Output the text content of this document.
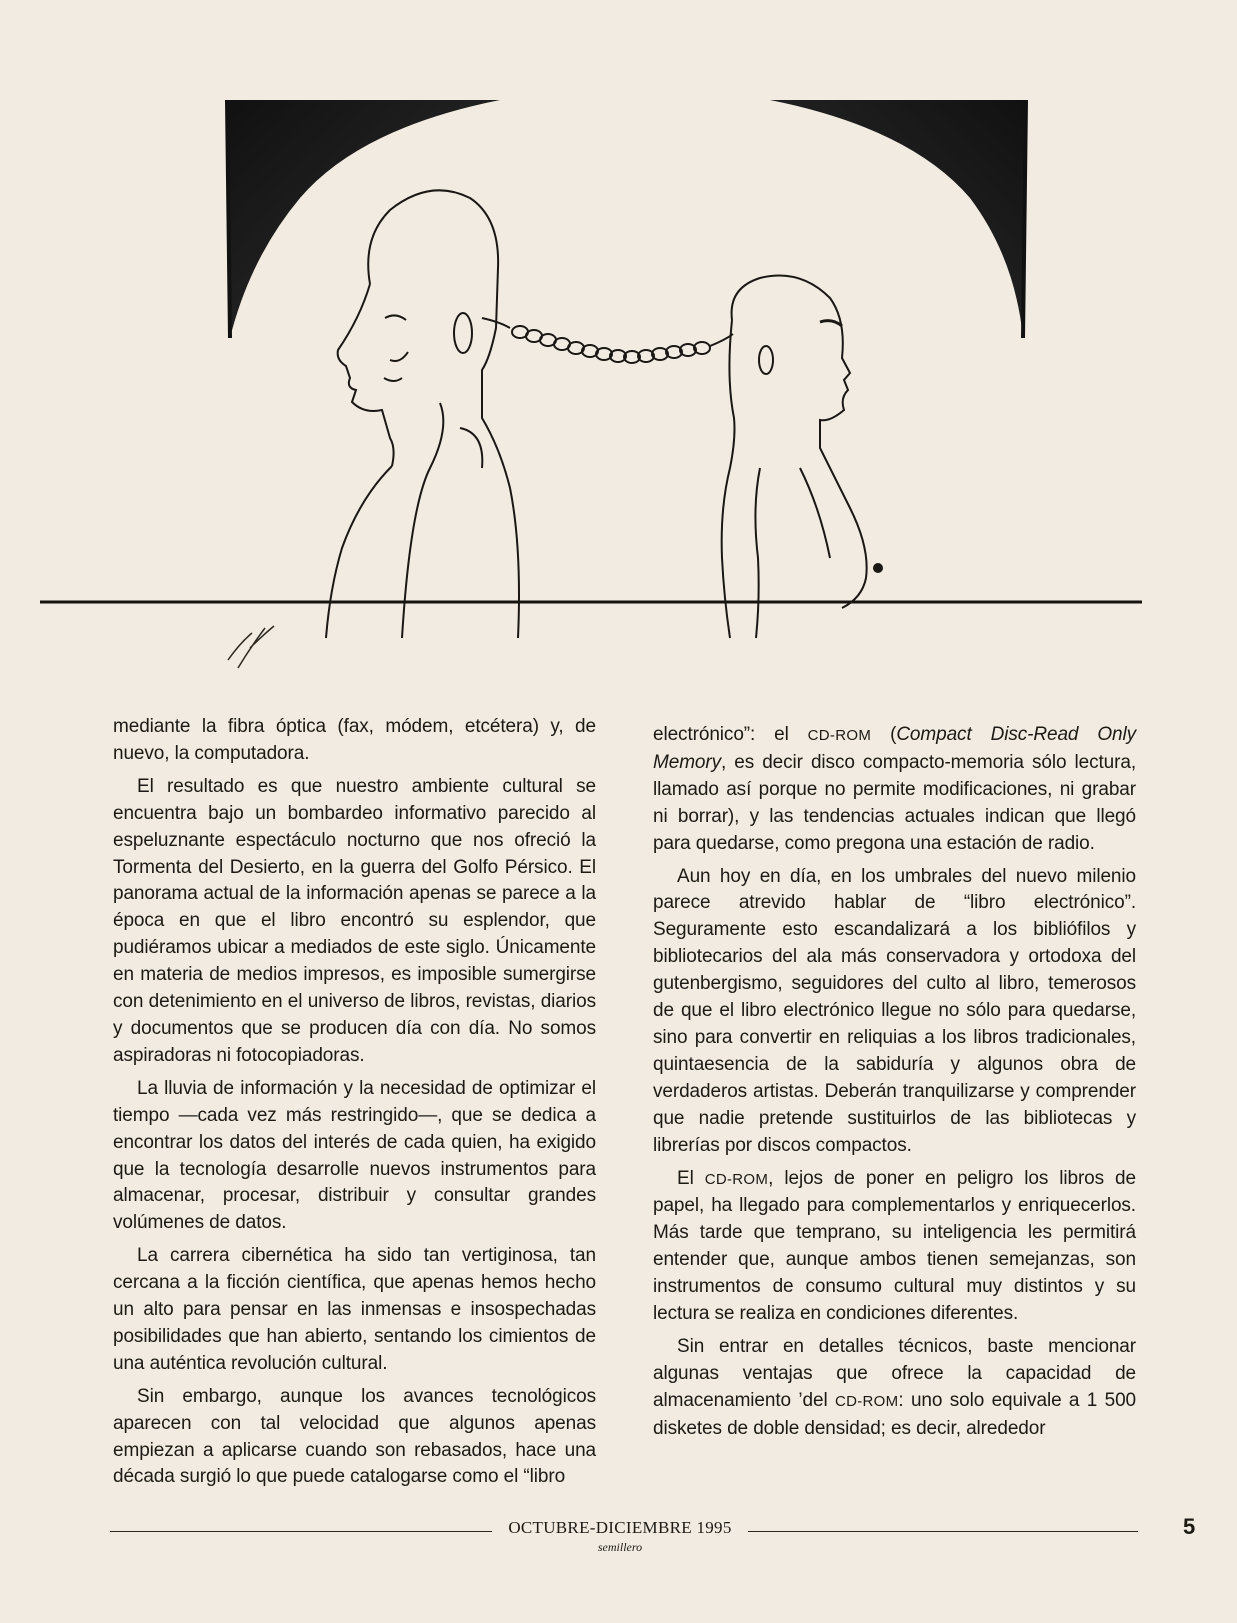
mediante la fibra óptica (fax, módem, etcétera) y, de nuevo, la computadora.

El resultado es que nuestro ambiente cultural se encuentra bajo un bombardeo informativo parecido al espeluznante espectáculo nocturno que nos ofreció la Tormenta del Desierto, en la guerra del Golfo Pérsico. El panorama actual de la información apenas se parece a la época en que el libro encontró su esplendor, que pudiéramos ubicar a mediados de este siglo. Únicamente en materia de medios impresos, es imposible sumergirse con detenimiento en el universo de libros, revistas, diarios y documentos que se producen día con día. No somos aspiradoras ni fotocopiadoras.

La lluvia de información y la necesidad de optimizar el tiempo —cada vez más restringido—, que se dedica a encontrar los datos del interés de cada quien, ha exigido que la tecnología desarrolle nuevos instrumentos para almacenar, procesar, distribuir y consultar grandes volúmenes de datos.

La carrera cibernética ha sido tan vertiginosa, tan cercana a la ficción científica, que apenas hemos hecho un alto para pensar en las inmensas e insospechadas posibilidades que han abierto, sentando los cimientos de una auténtica revolución cultural.

Sin embargo, aunque los avances tecnológicos aparecen con tal velocidad que algunos apenas empiezan a aplicarse cuando son rebasados, hace una década surgió lo que puede catalogarse como el “libro

electrónico”: el CD-ROM (Compact Disc-Read Only Memory, es decir disco compacto-memoria sólo lectura, llamado así porque no permite modificaciones, ni grabar ni borrar), y las tendencias actuales indican que llegó para quedarse, como pregona una estación de radio.

Aun hoy en día, en los umbrales del nuevo milenio parece atrevido hablar de “libro electrónico”. Seguramente esto escandalizará a los bibliófilos y bibliotecarios del ala más conservadora y ortodoxa del gutenbergismo, seguidores del culto al libro, temerosos de que el libro electrónico llegue no sólo para quedarse, sino para convertir en reliquias a los libros tradicionales, quintaesencia de la sabiduría y algunos obra de verdaderos artistas. Deberán tranquilizarse y comprender que nadie pretende sustituirlos de las bibliotecas y librerías por discos compactos.

El CD-ROM, lejos de poner en peligro los libros de papel, ha llegado para complementarlos y enriquecerlos. Más tarde que temprano, su inteligencia les permitirá entender que, aunque ambos tienen semejanzas, son instrumentos de consumo cultural muy distintos y su lectura se realiza en condiciones diferentes.

Sin entrar en detalles técnicos, baste mencionar algunas ventajas que ofrece la capacidad de almacenamiento ’del CD-ROM: uno solo equivale a 1 500 disketes de doble densidad; es decir, alrededor

OCTUBRE-DICIEMBRE 1995
semillero
5
